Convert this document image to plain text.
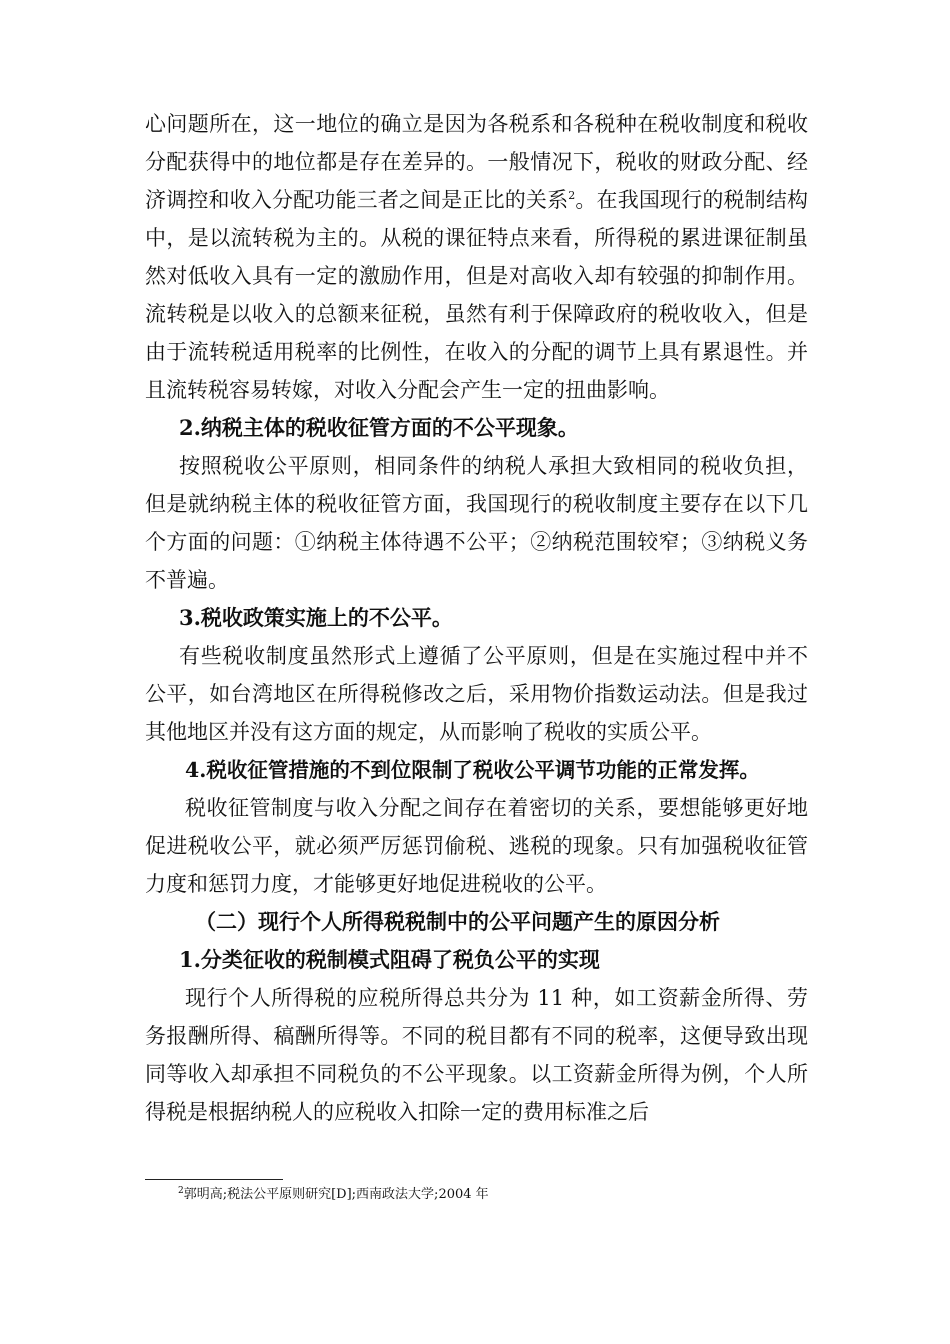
心问题所在，这一地位的确立是因为各税系和各税种在税收制度和税收分配获得中的地位都是存在差异的。一般情况下，税收的财政分配、经济调控和收入分配功能三者之间是正比的关系$^2$。在我国现行的税制结构中，是以流转税为主的。从税的课征特点来看，所得税的累进课征制虽然对低收入具有一定的激励作用，但是对高收入却有较强的抑制作用。流转税是以收入的总额来征税，虽然有利于保障政府的税收收入，但是由于流转税适用税率的比例性，在收入的分配的调节上具有累退性。并且流转税容易转嫁，对收入分配会产生一定的扭曲影响。

2.纳税主体的税收征管方面的不公平现象。

按照税收公平原则，相同条件的纳税人承担大致相同的税收负担，但是就纳税主体的税收征管方面，我国现行的税收制度主要存在以下几个方面的问题：①纳税主体待遇不公平；②纳税范围较窄；③纳税义务不普遍。

3.税收政策实施上的不公平。

有些税收制度虽然形式上遵循了公平原则，但是在实施过程中并不公平，如台湾地区在所得税修改之后，采用物价指数运动法。但是我过其他地区并没有这方面的规定，从而影响了税收的实质公平。

4.税收征管措施的不到位限制了税收公平调节功能的正常发挥。

税收征管制度与收入分配之间存在着密切的关系，要想能够更好地促进税收公平，就必须严厉惩罚偷税、逃税的现象。只有加强税收征管力度和惩罚力度，才能够更好地促进税收的公平。

（二）现行个人所得税税制中的公平问题产生的原因分析

1.分类征收的税制模式阻碍了税负公平的实现

现行个人所得税的应税所得总共分为 11 种，如工资薪金所得、劳务报酬所得、稿酬所得等。不同的税目都有不同的税率，这便导致出现同等收入却承担不同税负的不公平现象。以工资薪金所得为例，个人所得税是根据纳税人的应税收入扣除一定的费用标准之后

$^2$郭明高;税法公平原则研究[D];西南政法大学;2004 年
